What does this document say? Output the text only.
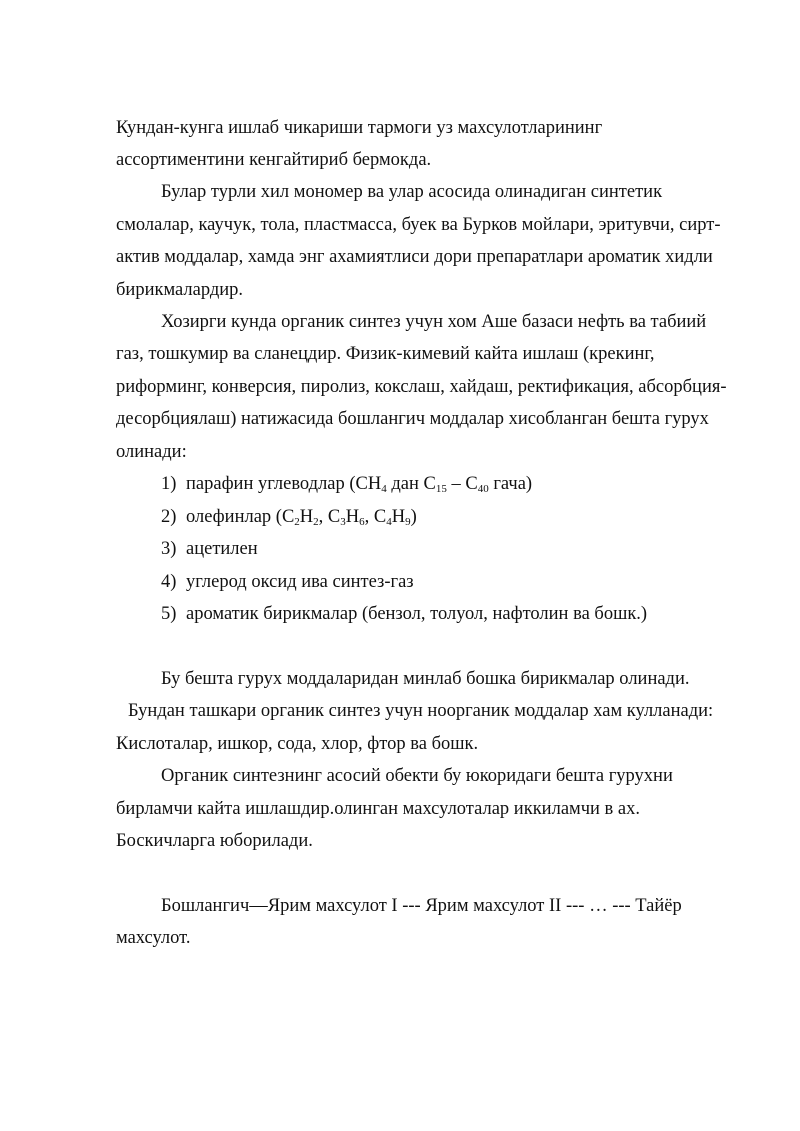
Кундан-кунга ишлаб чикариши тармоги уз махсулотларининг

ассортиментини кенгайтириб бермокда.

Булар турли хил мономер ва улар асосида олинадиган синтетик

смолалар, каучук, тола, пластмасса, буек ва Бурков мойлари, эритувчи, сирт-

актив моддалар, хамда энг ахамиятлиси дори препаратлари ароматик хидли

бирикмалардир.

Хозирги кунда органик синтез учун хом Аше базаси нефть ва табиий

газ, тошкумир ва сланецдир. Физик-кимевий кайта ишлаш (крекинг,

риформинг, конверсия, пиролиз, кокслаш, хайдаш, ректификация, абсорбция-

десорбциялаш) натижасида бошлангич моддалар хисобланган бешта гурух

олинади:

1) парафин углеводлар ($CH_4$ дан $C_{15} - C_{40}$ гача)
2) олефинлар ($C_2H_2$, $C_3H_6$, $C_4H_9$)
3) ацетилен
4) углерод оксид ива синтез-газ
5) ароматик бирикмалар (бензол, толуол, нафтолин ва бошк.)

Бу бешта гурух моддаларидан минлаб бошка бирикмалар олинади.

Бундан ташкари органик синтез учун ноорганик моддалар хам кулланади:

Кислоталар, ишкор, сода, хлор, фтор ва бошк.

Органик синтезнинг асосий обекти бу юкоридаги бешта гурухни

бирламчи кайта ишлашдир.олинган махсулоталар иккиламчи в ах.

Боскичларга юборилади.

Бошлангич—Ярим махсулот I --- Ярим махсулот II --- … --- Тайёр

махсулот.
